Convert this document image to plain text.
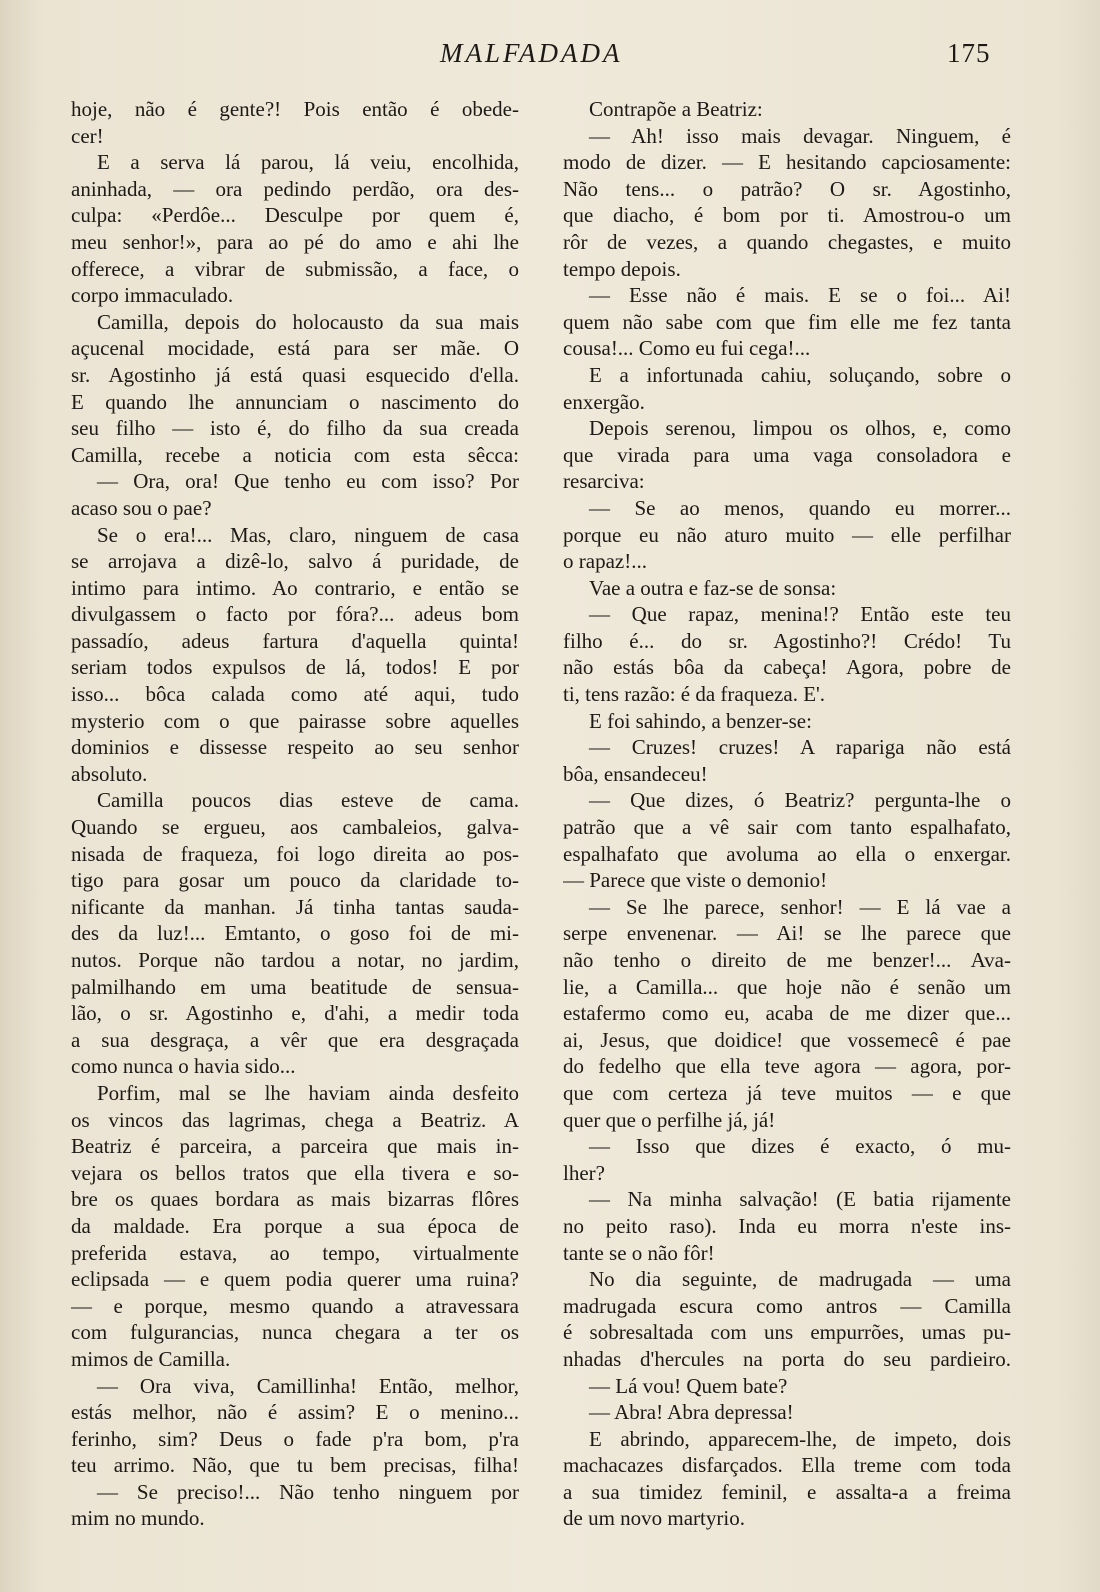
MALFADADA	175
hoje, não é gente?! Pois então é obede-
cer!
E a serva lá parou, lá veiu, encolhida,
aninhada, — ora pedindo perdão, ora des-
culpa: «Perdôe... Desculpe por quem é,
meu senhor!», para ao pé do amo e ahi lhe
offerece, a vibrar de submissão, a face, o
corpo immaculado.
Camilla, depois do holocausto da sua mais
açucenal mocidade, está para ser mãe. O
sr. Agostinho já está quasi esquecido d'ella.
E quando lhe annunciam o nascimento do
seu filho — isto é, do filho da sua creada
Camilla, recebe a noticia com esta sêcca:
— Ora, ora! Que tenho eu com isso? Por
acaso sou o pae?
Se o era!... Mas, claro, ninguem de casa
se arrojava a dizê-lo, salvo á puridade, de
intimo para intimo. Ao contrario, e então se
divulgassem o facto por fóra?... adeus bom
passadío, adeus fartura d'aquella quinta!
seriam todos expulsos de lá, todos! E por
isso... bôca calada como até aqui, tudo
mysterio com o que pairasse sobre aquelles
dominios e dissesse respeito ao seu senhor
absoluto.
Camilla poucos dias esteve de cama.
Quando se ergueu, aos cambaleios, galva-
nisada de fraqueza, foi logo direita ao pos-
tigo para gosar um pouco da claridade to-
nificante da manhan. Já tinha tantas sauda-
des da luz!... Emtanto, o goso foi de mi-
nutos. Porque não tardou a notar, no jardim,
palmilhando em uma beatitude de sensua-
lão, o sr. Agostinho e, d'ahi, a medir toda
a sua desgraça, a vêr que era desgraçada
como nunca o havia sido...
Porfim, mal se lhe haviam ainda desfeito
os vincos das lagrimas, chega a Beatriz. A
Beatriz é parceira, a parceira que mais in-
vejara os bellos tratos que ella tivera e so-
bre os quaes bordara as mais bizarras flôres
da maldade. Era porque a sua época de
preferida estava, ao tempo, virtualmente
eclipsada — e quem podia querer uma ruina?
— e porque, mesmo quando a atravessara
com fulgurancias, nunca chegara a ter os
mimos de Camilla.
— Ora viva, Camillinha! Então, melhor,
estás melhor, não é assim? E o menino...
ferinho, sim? Deus o fade p'ra bom, p'ra
teu arrimo. Não, que tu bem precisas, filha!
— Se preciso!... Não tenho ninguem por
mim no mundo.
Contrapõe a Beatriz:
— Ah! isso mais devagar. Ninguem, é
modo de dizer. — E hesitando capciosamente:
Não tens... o patrão? O sr. Agostinho,
que diacho, é bom por ti. Amostrou-o um
rôr de vezes, a quando chegastes, e muito
tempo depois.
— Esse não é mais. E se o foi... Ai!
quem não sabe com que fim elle me fez tanta
cousa!... Como eu fui cega!...
E a infortunada cahiu, soluçando, sobre o
enxergão.
Depois serenou, limpou os olhos, e, como
que virada para uma vaga consoladora e
resarciva:
— Se ao menos, quando eu morrer...
porque eu não aturo muito — elle perfilhar
o rapaz!...
Vae a outra e faz-se de sonsa:
— Que rapaz, menina!? Então este teu
filho é... do sr. Agostinho?! Crédo! Tu
não estás bôa da cabeça! Agora, pobre de
ti, tens razão: é da fraqueza. E'.
E foi sahindo, a benzer-se:
— Cruzes! cruzes! A rapariga não está
bôa, ensandeceu!
— Que dizes, ó Beatriz? pergunta-lhe o
patrão que a vê sair com tanto espalhafato,
espalhafato que avoluma ao ella o enxergar.
— Parece que viste o demonio!
— Se lhe parece, senhor! — E lá vae a
serpe envenenar. — Ai! se lhe parece que
não tenho o direito de me benzer!... Ava-
lie, a Camilla... que hoje não é senão um
estafermo como eu, acaba de me dizer que...
ai, Jesus, que doidice! que vossemecê é pae
do fedelho que ella teve agora — agora, por-
que com certeza já teve muitos — e que
quer que o perfilhe já, já!
— Isso que dizes é exacto, ó mu-
lher?
— Na minha salvação! (E batia rijamente
no peito raso). Inda eu morra n'este ins-
tante se o não fôr!
No dia seguinte, de madrugada — uma
madrugada escura como antros — Camilla
é sobresaltada com uns empurrões, umas pu-
nhadas d'hercules na porta do seu pardieiro.
— Lá vou! Quem bate?
— Abra! Abra depressa!
E abrindo, apparecem-lhe, de impeto, dois
machacazes disfarçados. Ella treme com toda
a sua timidez feminil, e assalta-a a freima
de um novo martyrio.
